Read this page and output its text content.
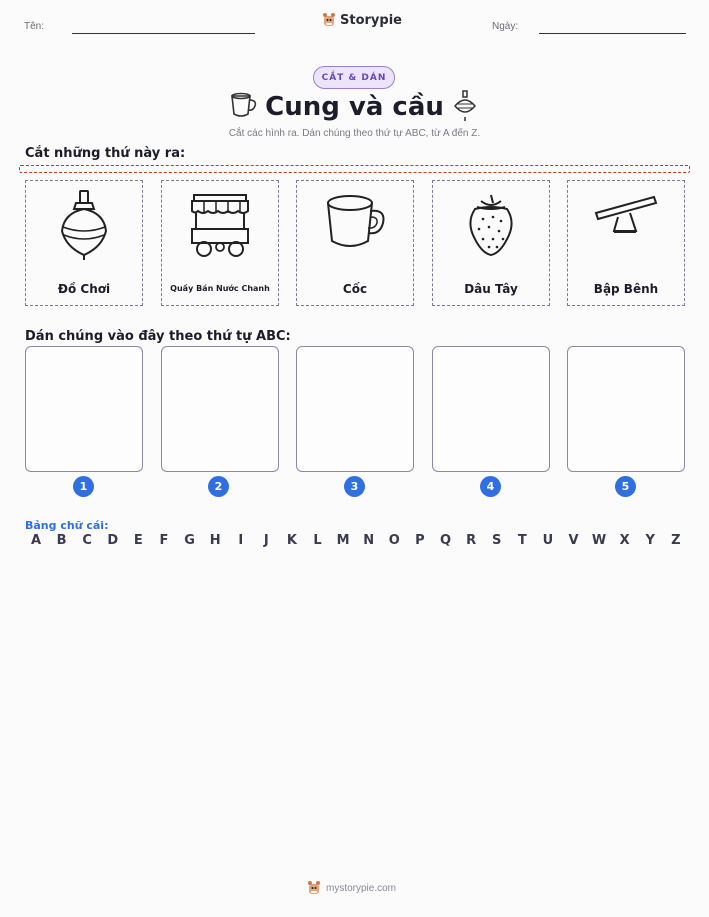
Tên:	Storypie	Ngày:
CẮT & DÁN
Cung và cầu
Cắt các hình ra. Dán chúng theo thứ tự ABC, từ A đến Z.
Cắt những thứ này ra:
Đồ Chơi	Quầy Bán Nước Chanh	Cốc	Dâu Tây	Bập Bênh
Dán chúng vào đây theo thứ tự ABC:
1	2	3	4	5
Bảng chữ cái:
A	B	C	D	E	F	G	H	I	J	K	L	M	N	O	P	Q	R	S	T	U	V	W	X	Y	Z
mystorypie.com
